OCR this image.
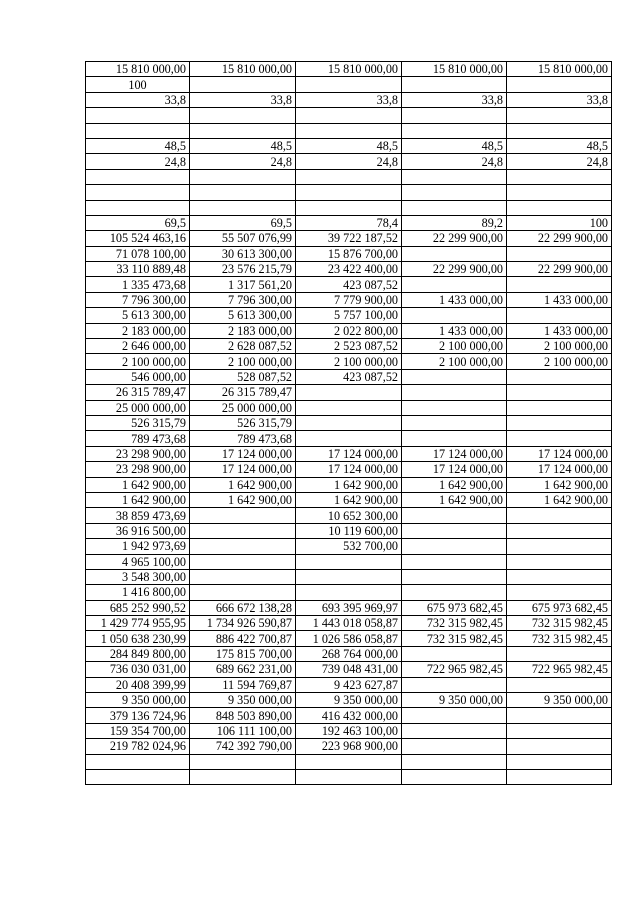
15 810 000,00	15 810 000,00	15 810 000,00	15 810 000,00	15 810 000,00
100				
33,8	33,8	33,8	33,8	33,8

48,5	48,5	48,5	48,5	48,5
24,8	24,8	24,8	24,8	24,8

69,5	69,5	78,4	89,2	100
105 524 463,16	55 507 076,99	39 722 187,52	22 299 900,00	22 299 900,00
71 078 100,00	30 613 300,00	15 876 700,00		
33 110 889,48	23 576 215,79	23 422 400,00	22 299 900,00	22 299 900,00
1 335 473,68	1 317 561,20	423 087,52		
7 796 300,00	7 796 300,00	7 779 900,00	1 433 000,00	1 433 000,00
5 613 300,00	5 613 300,00	5 757 100,00		
2 183 000,00	2 183 000,00	2 022 800,00	1 433 000,00	1 433 000,00
2 646 000,00	2 628 087,52	2 523 087,52	2 100 000,00	2 100 000,00
2 100 000,00	2 100 000,00	2 100 000,00	2 100 000,00	2 100 000,00
546 000,00	528 087,52	423 087,52		
26 315 789,47	26 315 789,47			
25 000 000,00	25 000 000,00			
526 315,79	526 315,79			
789 473,68	789 473,68			
23 298 900,00	17 124 000,00	17 124 000,00	17 124 000,00	17 124 000,00
23 298 900,00	17 124 000,00	17 124 000,00	17 124 000,00	17 124 000,00
1 642 900,00	1 642 900,00	1 642 900,00	1 642 900,00	1 642 900,00
1 642 900,00	1 642 900,00	1 642 900,00	1 642 900,00	1 642 900,00
38 859 473,69		10 652 300,00		
36 916 500,00		10 119 600,00		
1 942 973,69		532 700,00		
4 965 100,00				
3 548 300,00				
1 416 800,00				
685 252 990,52	666 672 138,28	693 395 969,97	675 973 682,45	675 973 682,45
1 429 774 955,95	1 734 926 590,87	1 443 018 058,87	732 315 982,45	732 315 982,45
1 050 638 230,99	886 422 700,87	1 026 586 058,87	732 315 982,45	732 315 982,45
284 849 800,00	175 815 700,00	268 764 000,00		
736 030 031,00	689 662 231,00	739 048 431,00	722 965 982,45	722 965 982,45
20 408 399,99	11 594 769,87	9 423 627,87		
9 350 000,00	9 350 000,00	9 350 000,00	9 350 000,00	9 350 000,00
379 136 724,96	848 503 890,00	416 432 000,00		
159 354 700,00	106 111 100,00	192 463 100,00		
219 782 024,96	742 392 790,00	223 968 900,00		
